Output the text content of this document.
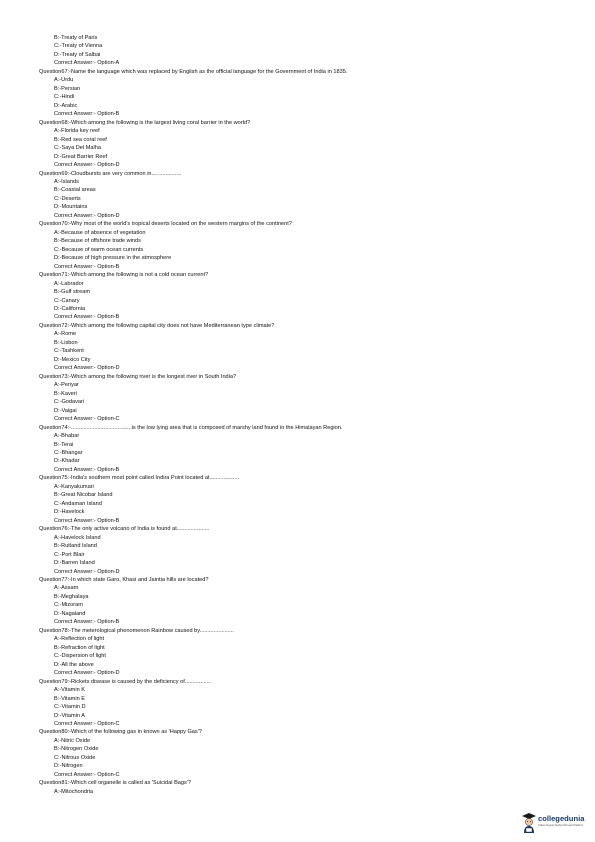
B:-Treaty of Paris
C:-Treaty of Vienna
D:-Treaty of Salbai
Correct Answer:- Option-A
Question67:-Name the language which was replaced by English as the official language for the Government of India in 1835.
A:-Urdu
B:-Persian
C:-Hindi
D:-Arabic
Correct Answer:- Option-B
Question68:-Which among the following is the largest living coral barrier in the world?
A:-Florida key reef
B:-Red sea coral reef
C:-Saya Del Malha
D:-Great Barrier Reef
Correct Answer:- Option-D
Question69:-Cloudbursts are very common in...................
A:-Islands
B:-Coastal areas
C:-Deserts
D:-Mountains
Correct Answer:- Option-D
Question70:-Why most of the world's tropical deserts located on the western margins of the continent?
A:-Because of absence of vegetation
B:-Because of offshore trade winds
C:-Because of warm ocean currents
D:-Because of high pressure in the atmosphere
Correct Answer:- Option-B
Question71:-Which among the following is not a cold ocean current?
A:-Labrador
B:-Gulf stream
C:-Canary
D:-California
Correct Answer:- Option-B
Question72:-Which among the following capital city does not have Mediterranean type climate?
A:-Rome
B:-Lisbon
C:-Tashkent
D:-Mexico City
Correct Answer:- Option-D
Question73:-Which among the following river is the longest river in South India?
A:-Periyar
B:-Kaveri
C:-Godavari
D:-Vaigai
Correct Answer:- Option-C
Question74:-.......................................is the low lying area that is composed of marshy land found in the Himalayan Region.
A:-Bhabar
B:-Terai
C:-Bhangar
D:-Khadar
Correct Answer:- Option-B
Question75:-India's southern most point called Indira Point located at...................
A:-Kanyakumari
B:-Great Nicobar Island
C:-Andaman Island
D:-Havelock
Correct Answer:- Option-B
Question76:-The only active volcano of India is found at.....................
A:-Havelock Island
B:-Rutland Island
C:-Port Blair
D:-Barren Island
Correct Answer:- Option-D
Question77:-In which state Garo, Khasi and Jaintia hills are located?
A:-Assam
B:-Meghalaya
C:-Mizoram
D:-Nagaland
Correct Answer:- Option-B
Question78:-The meterological phenomenon Rainbow caused by......................
A:-Reflection of light
B:-Refraction of light
C:-Dispersion of light
D:-All the above
Correct Answer:- Option-D
Question79:-Rickets disease is caused by the deficiency of.................
A:-Vitamin K
B:-Vitamin E
C:-Vitamin D
D:-Vitamin A
Correct Answer:- Option-C
Question80:-Which of the following gas in known as 'Happy Gas'?
A:-Nitric Oxide
B:-Nitrogen Oxide
C:-Nitrous Oxide
D:-Nitrogen
Correct Answer:- Option-C
Question81:-Which cell organelle is called as 'Suicidal Bags'?
A:-Mitochondria
collegedunia
India's largest Student Review Platform
